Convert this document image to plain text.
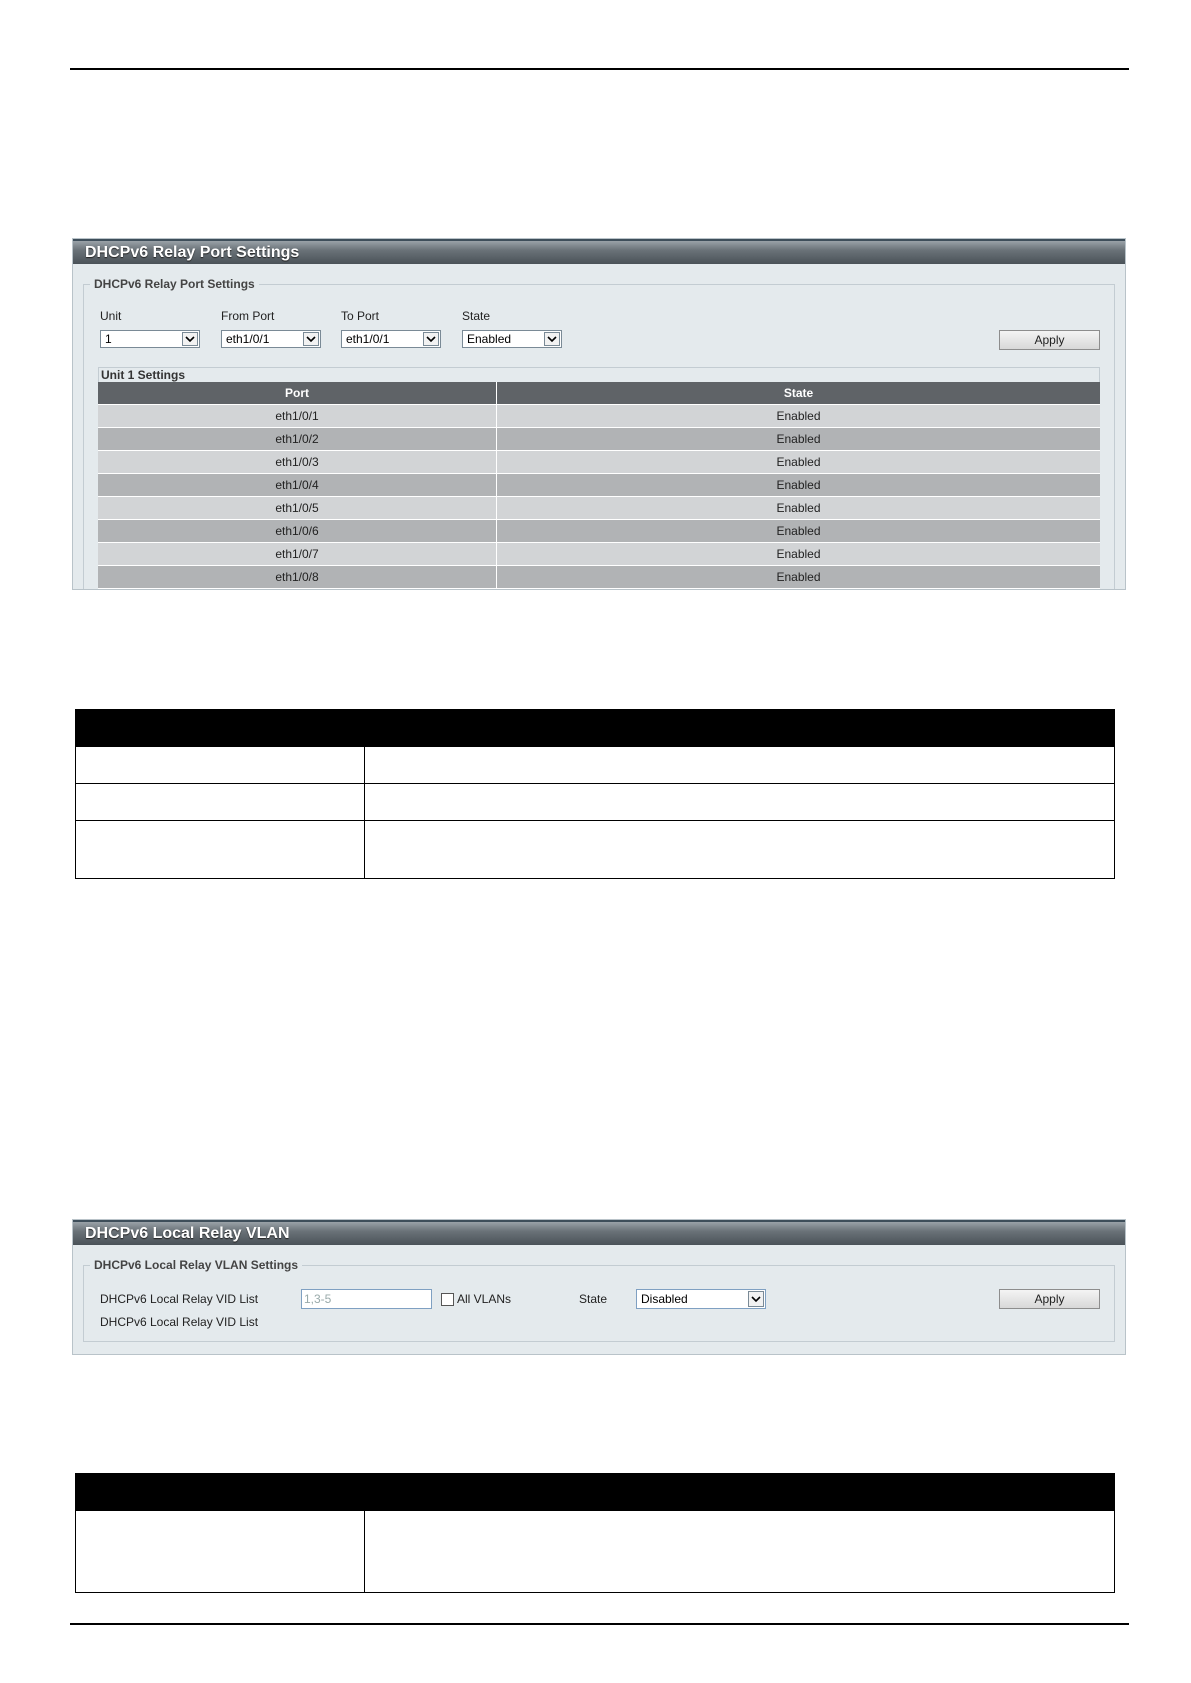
DHCPv6 Relay Port Settings
DHCPv6 Relay Port Settings
Unit
1
From Port
eth1/0/1
To Port
eth1/0/1
State
Enabled	Apply
Unit 1 Settings
Port	State
eth1/0/1	Enabled
eth1/0/2	Enabled
eth1/0/3	Enabled
eth1/0/4	Enabled
eth1/0/5	Enabled
eth1/0/6	Enabled
eth1/0/7	Enabled
eth1/0/8	Enabled
DHCPv6 Local Relay VLAN
DHCPv6 Local Relay VLAN Settings
DHCPv6 Local Relay VID List	1,3-5	All VLANs	State	Disabled	Apply
DHCPv6 Local Relay VID List
